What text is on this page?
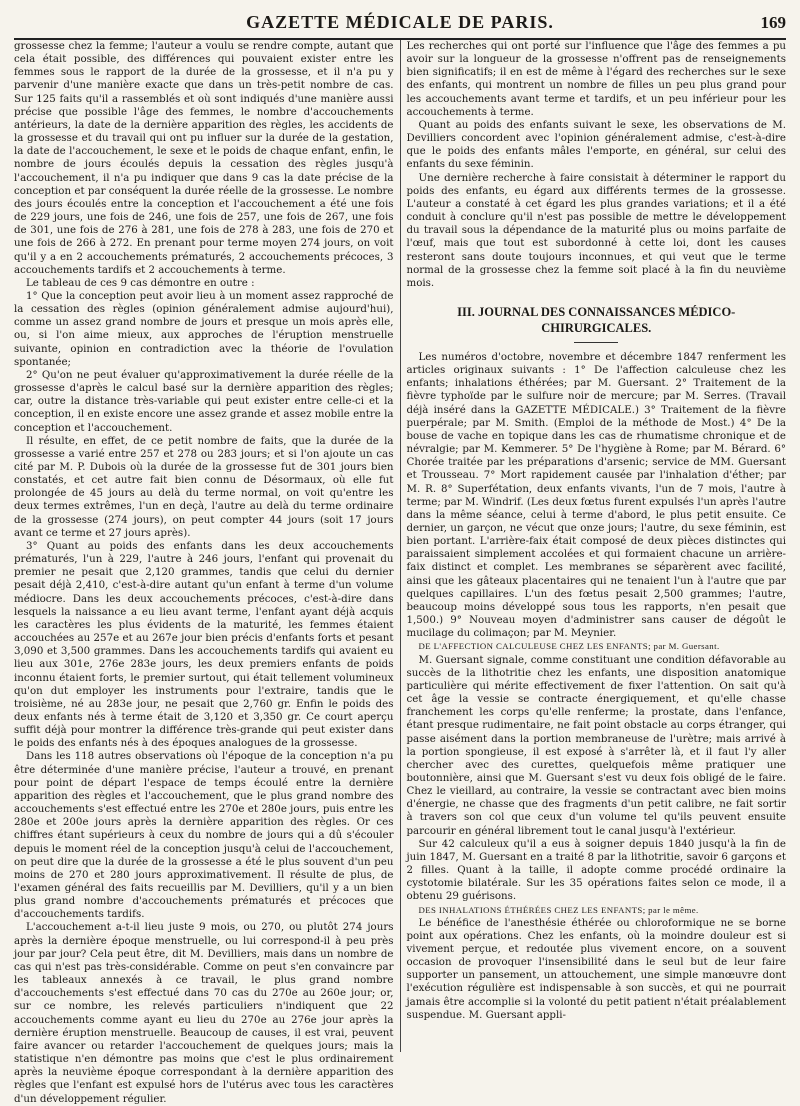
GAZETTE MÉDICALE DE PARIS.	169

grossesse chez la femme; l'auteur a voulu se rendre compte, autant que cela était possible, des différences qui pouvaient exister entre les femmes sous le rapport de la durée de la grossesse, et il n'a pu y parvenir d'une manière exacte que dans un très-petit nombre de cas. Sur 125 faits qu'il a rassemblés et où sont indiqués d'une manière aussi précise que possible l'âge des femmes, le nombre d'accouchements antérieurs, la date de la dernière apparition des règles, les accidents de la grossesse et du travail qui ont pu influer sur la durée de la gestation, la date de l'accouchement, le sexe et le poids de chaque enfant, enfin, le nombre de jours écoulés depuis la cessation des règles jusqu'à l'accouchement, il n'a pu indiquer que dans 9 cas la date précise de la conception et par conséquent la durée réelle de la grossesse. Le nombre des jours écoulés entre la conception et l'accouchement a été une fois de 229 jours, une fois de 246, une fois de 257, une fois de 267, une fois de 301, une fois de 276 à 281, une fois de 278 à 283, une fois de 270 et une fois de 266 à 272. En prenant pour terme moyen 274 jours, on voit qu'il y a en 2 accouchements prématurés, 2 accouchements précoces, 3 accouchements tardifs et 2 accouchements à terme.

Le tableau de ces 9 cas démontre en outre :

1° Que la conception peut avoir lieu à un moment assez rapproché de la cessation des règles (opinion généralement admise aujourd'hui), comme un assez grand nombre de jours et presque un mois après elle, ou, si l'on aime mieux, aux approches de l'éruption menstruelle suivante, opinion en contradiction avec la théorie de l'ovulation spontanée;

2° Qu'on ne peut évaluer qu'approximativement la durée réelle de la grossesse d'après le calcul basé sur la dernière apparition des règles; car, outre la distance très-variable qui peut exister entre celle-ci et la conception, il en existe encore une assez grande et assez mobile entre la conception et l'accouchement.

Il résulte, en effet, de ce petit nombre de faits, que la durée de la grossesse a varié entre 257 et 278 ou 283 jours; et si l'on ajoute un cas cité par M. P. Dubois où la durée de la grossesse fut de 301 jours bien constatés, et cet autre fait bien connu de Désormaux, où elle fut prolongée de 45 jours au delà du terme normal, on voit qu'entre les deux termes extrêmes, l'un en deçà, l'autre au delà du terme ordinaire de la grossesse (274 jours), on peut compter 44 jours (soit 17 jours avant ce terme et 27 jours après).

3° Quant au poids des enfants dans les deux accouchements prématurés, l'un à 229, l'autre à 246 jours, l'enfant qui provenait du premier ne pesait que 2,120 grammes, tandis que celui du dernier pesait déjà 2,410, c'est-à-dire autant qu'un enfant à terme d'un volume médiocre. Dans les deux accouchements précoces, c'est-à-dire dans lesquels la naissance a eu lieu avant terme, l'enfant ayant déjà acquis les caractères les plus évidents de la maturité, les femmes étaient accouchées au 257e et au 267e jour bien précis d'enfants forts et pesant 3,090 et 3,500 grammes. Dans les accouchements tardifs qui avaient eu lieu aux 301e, 276e 283e jours, les deux premiers enfants de poids inconnu étaient forts, le premier surtout, qui était tellement volumineux qu'on dut employer les instruments pour l'extraire, tandis que le troisième, né au 283e jour, ne pesait que 2,760 gr. Enfin le poids des deux enfants nés à terme était de 3,120 et 3,350 gr. Ce court aperçu suffit déjà pour montrer la différence très-grande qui peut exister dans le poids des enfants nés à des époques analogues de la grossesse.

Dans les 118 autres observations où l'époque de la conception n'a pu être déterminée d'une manière précise, l'auteur a trouvé, en prenant pour point de départ l'espace de temps écoulé entre la dernière apparition des règles et l'accouchement, que le plus grand nombre des accouchements s'est effectué entre les 270e et 280e jours, puis entre les 280e et 200e jours après la dernière apparition des règles. Or ces chiffres étant supérieurs à ceux du nombre de jours qui a dû s'écouler depuis le moment réel de la conception jusqu'à celui de l'accouchement, on peut dire que la durée de la grossesse a été le plus souvent d'un peu moins de 270 et 280 jours approximativement. Il résulte de plus, de l'examen général des faits recueillis par M. Devilliers, qu'il y a un bien plus grand nombre d'accouchements prématurés et précoces que d'accouchements tardifs.

L'accouchement a-t-il lieu juste 9 mois, ou 270, ou plutôt 274 jours après la dernière époque menstruelle, ou lui correspond-il à peu près jour par jour? Cela peut être, dit M. Devilliers, mais dans un nombre de cas qui n'est pas très-considérable. Comme on peut s'en convaincre par les tableaux annexés à ce travail, le plus grand nombre d'accouchements s'est effectué dans 70 cas du 270e au 260e jour; or, sur ce nombre, les relevés particuliers n'indiquent que 22 accouchements comme ayant eu lieu du 270e au 276e jour après la dernière éruption menstruelle. Beaucoup de causes, il est vrai, peuvent faire avancer ou retarder l'accouchement de quelques jours; mais la statistique n'en démontre pas moins que c'est le plus ordinairement après la neuvième époque correspondant à la dernière apparition des règles que l'enfant est expulsé hors de l'utérus avec tous les caractères d'un développement régulier.

Les recherches qui ont porté sur l'influence que l'âge des femmes a pu avoir sur la longueur de la grossesse n'offrent pas de renseignements bien significatifs; il en est de même à l'égard des recherches sur le sexe des enfants, qui montrent un nombre de filles un peu plus grand pour les accouchements avant terme et tardifs, et un peu inférieur pour les accouchements à terme.

Quant au poids des enfants suivant le sexe, les observations de M. Devilliers concordent avec l'opinion généralement admise, c'est-à-dire que le poids des enfants mâles l'emporte, en général, sur celui des enfants du sexe féminin.

Une dernière recherche à faire consistait à déterminer le rapport du poids des enfants, eu égard aux différents termes de la grossesse. L'auteur a constaté à cet égard les plus grandes variations; et il a été conduit à conclure qu'il n'est pas possible de mettre le développement du travail sous la dépendance de la maturité plus ou moins parfaite de l'œuf, mais que tout est subordonné à cette loi, dont les causes resteront sans doute toujours inconnues, et qui veut que le terme normal de la grossesse chez la femme soit placé à la fin du neuvième mois.

III. JOURNAL DES CONNAISSANCES MÉDICO-CHIRURGICALES.

Les numéros d'octobre, novembre et décembre 1847 renferment les articles originaux suivants : 1° De l'affection calculeuse chez les enfants; inhalations éthérées; par M. Guersant. 2° Traitement de la fièvre typhoïde par le sulfure noir de mercure; par M. Serres. (Travail déjà inséré dans la GAZETTE MÉDICALE.) 3° Traitement de la fièvre puerpérale; par M. Smith. (Emploi de la méthode de Most.) 4° De la bouse de vache en topique dans les cas de rhumatisme chronique et de névralgie; par M. Kemmerer. 5° De l'hygiène à Rome; par M. Bérard. 6° Chorée traitée par les préparations d'arsenic; service de MM. Guersant et Trousseau. 7° Mort rapidement causée par l'inhalation d'éther; par M. R. 8° Superfétation, deux enfants vivants, l'un de 7 mois, l'autre à terme; par M. Windrif. (Les deux fœtus furent expulsés l'un après l'autre dans la même séance, celui à terme d'abord, le plus petit ensuite. Ce dernier, un garçon, ne vécut que onze jours; l'autre, du sexe féminin, est bien portant. L'arrière-faix était composé de deux pièces distinctes qui paraissaient simplement accolées et qui formaient chacune un arrière-faix distinct et complet. Les membranes se séparèrent avec facilité, ainsi que les gâteaux placentaires qui ne tenaient l'un à l'autre que par quelques capillaires. L'un des fœtus pesait 2,500 grammes; l'autre, beaucoup moins développé sous tous les rapports, n'en pesait que 1,500.) 9° Nouveau moyen d'administrer sans causer de dégoût le mucilage du colimaçon; par M. Meynier.

DE L'AFFECTION CALCULEUSE CHEZ LES ENFANTS; par M. Guersant.

M. Guersant signale, comme constituant une condition défavorable au succès de la lithotritie chez les enfants, une disposition anatomique particulière qui mérite effectivement de fixer l'attention. On sait qu'à cet âge la vessie se contracte énergiquement, et qu'elle chasse franchement les corps qu'elle renferme; la prostate, dans l'enfance, étant presque rudimentaire, ne fait point obstacle au corps étranger, qui passe aisément dans la portion membraneuse de l'urètre; mais arrivé à la portion spongieuse, il est exposé à s'arrêter là, et il faut l'y aller chercher avec des curettes, quelquefois même pratiquer une boutonnière, ainsi que M. Guersant s'est vu deux fois obligé de le faire. Chez le vieillard, au contraire, la vessie se contractant avec bien moins d'énergie, ne chasse que des fragments d'un petit calibre, ne fait sortir à travers son col que ceux d'un volume tel qu'ils peuvent ensuite parcourir en général librement tout le canal jusqu'à l'extérieur.

Sur 42 calculeux qu'il a eus à soigner depuis 1840 jusqu'à la fin de juin 1847, M. Guersant en a traité 8 par la lithotritie, savoir 6 garçons et 2 filles. Quant à la taille, il adopte comme procédé ordinaire la cystotomie bilatérale. Sur les 35 opérations faites selon ce mode, il a obtenu 29 guérisons.

DES INHALATIONS ÉTHÉRÉES CHEZ LES ENFANTS; par le même.

Le bénéfice de l'anesthésie éthérée ou chloroformique ne se borne point aux opérations. Chez les enfants, où la moindre douleur est si vivement perçue, et redoutée plus vivement encore, on a souvent occasion de provoquer l'insensibilité dans le seul but de leur faire supporter un pansement, un attouchement, une simple manœuvre dont l'exécution régulière est indispensable à son succès, et qui ne pourrait jamais être accomplie si la volonté du petit patient n'était préalablement suspendue. M. Guersant appli-
